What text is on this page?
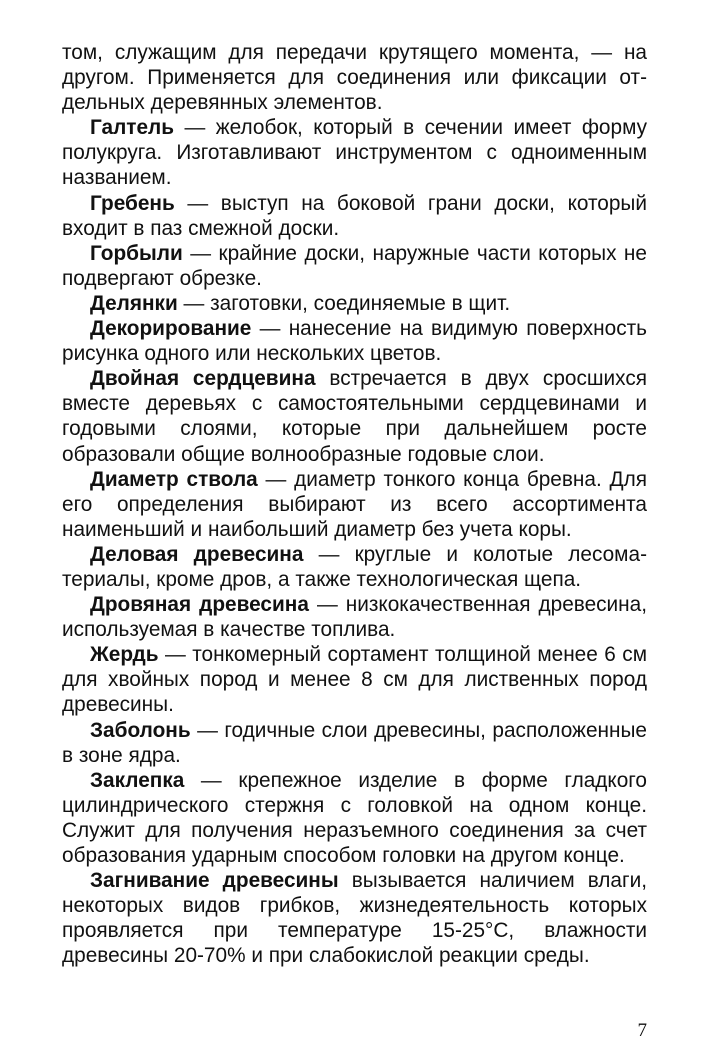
том, служащим для передачи крутящего момента, — на другом. Применяется для соединения или фиксации отдельных деревянных элементов.

Галтель — желобок, который в сечении имеет форму полукруга. Изготавливают инструментом с одноименным названием.

Гребень — выступ на боковой грани доски, который входит в паз смежной доски.

Горбыли — крайние доски, наружные части которых не подвергают обрезке.

Делянки — заготовки, соединяемые в щит.

Декорирование — нанесение на видимую поверхность рисунка одного или нескольких цветов.

Двойная сердцевина встречается в двух сросшихся вместе деревьях с самостоятельными сердцевинами и годовыми слоями, которые при дальнейшем росте образовали общие волнообразные годовые слои.

Диаметр ствола — диаметр тонкого конца бревна. Для его определения выбирают из всего ассортимента наименьший и наибольший диаметр без учета коры.

Деловая древесина — круглые и колотые лесоматериалы, кроме дров, а также технологическая щепа.

Дровяная древесина — низкокачественная древесина, используемая в качестве топлива.

Жердь — тонкомерный сортамент толщиной менее 6 см для хвойных пород и менее 8 см для лиственных пород древесины.

Заболонь — годичные слои древесины, расположенные в зоне ядра.

Заклепка — крепежное изделие в форме гладкого цилиндрического стержня с головкой на одном конце. Служит для получения неразъемного соединения за счет образования ударным способом головки на другом конце.

Загнивание древесины вызывается наличием влаги, некоторых видов грибков, жизнедеятельность которых проявляется при температуре 15-25°С, влажности древесины 20-70% и при слабокислой реакции среды.

7
